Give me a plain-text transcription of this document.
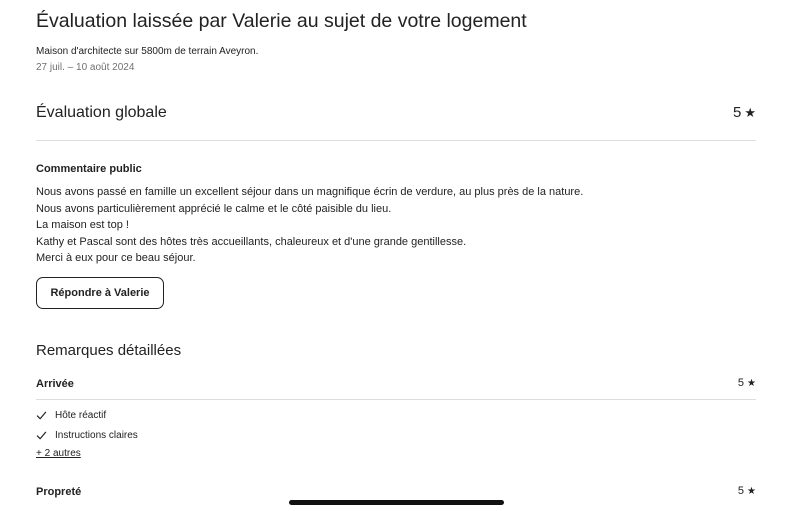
Évaluation laissée par Valerie au sujet de votre logement
Maison d'architecte sur 5800m de terrain Aveyron.
27 juil. – 10 août 2024
Évaluation globale	5 ★
Commentaire public
Nous avons passé en famille un excellent séjour dans un magnifique écrin de verdure, au plus près de la nature.
Nous avons particulièrement apprécié le calme et le côté paisible du lieu.
La maison est top !
Kathy et Pascal sont des hôtes très accueillants, chaleureux et d'une grande gentillesse.
Merci à eux pour ce beau séjour.
Répondre à Valerie
Remarques détaillées
Arrivée	5 ★
Hôte réactif
Instructions claires
+ 2 autres
Propreté	5 ★
